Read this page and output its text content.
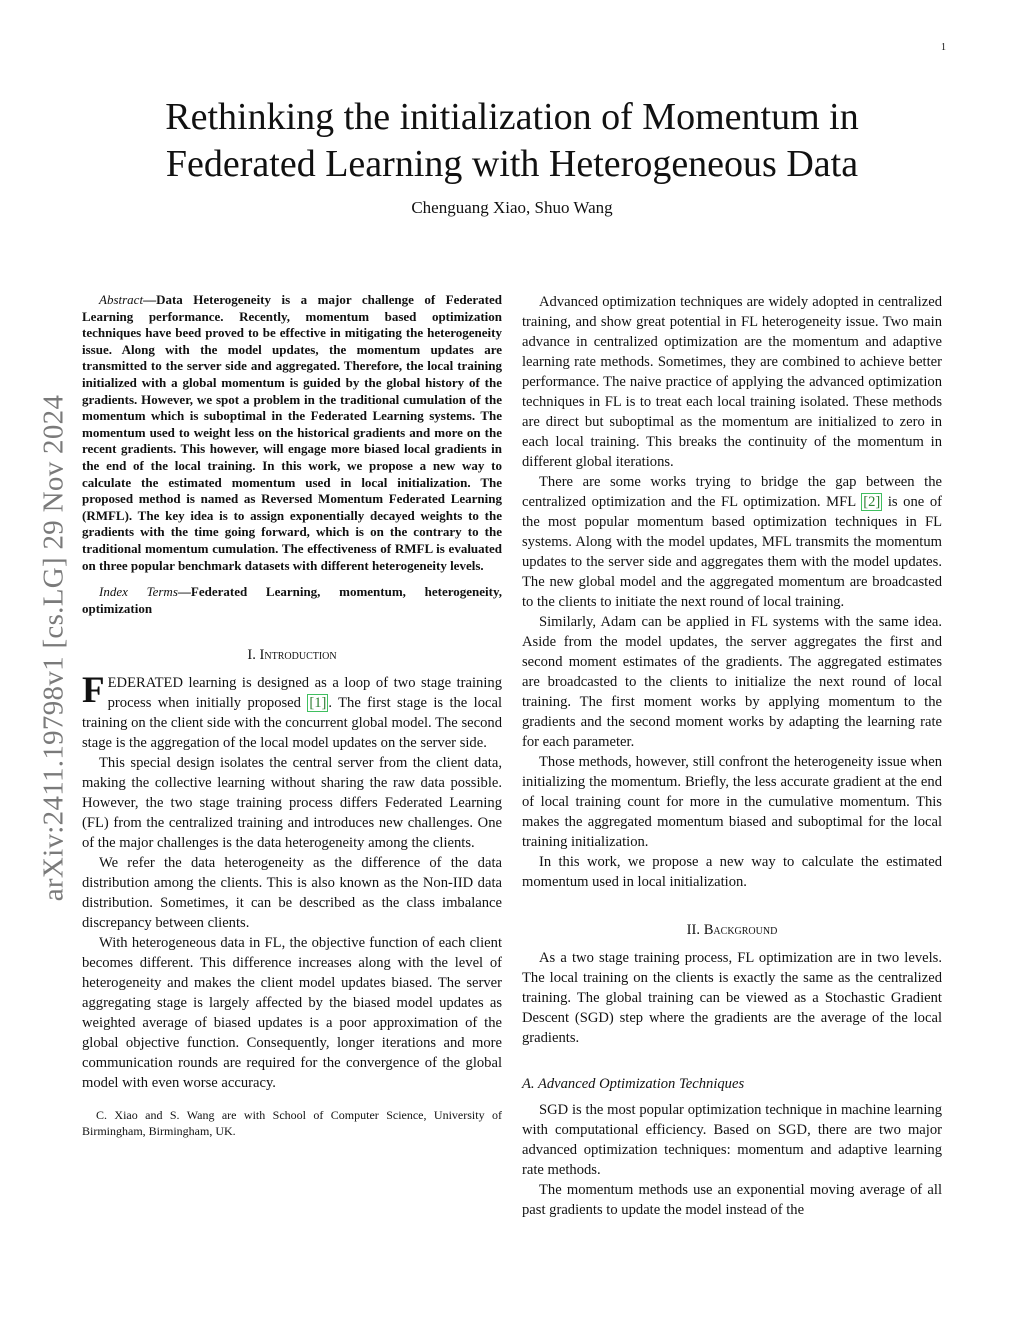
1
arXiv:2411.19798v1 [cs.LG] 29 Nov 2024
Rethinking the initialization of Momentum in Federated Learning with Heterogeneous Data
Chenguang Xiao, Shuo Wang

Abstract—Data Heterogeneity is a major challenge of Federated Learning performance. Recently, momentum based optimization techniques have beed proved to be effective in mitigating the heterogeneity issue. Along with the model updates, the momentum updates are transmitted to the server side and aggregated. Therefore, the local training initialized with a global momentum is guided by the global history of the gradients. However, we spot a problem in the traditional cumulation of the momentum which is suboptimal in the Federated Learning systems. The momentum used to weight less on the historical gradients and more on the recent gradients. This however, will engage more biased local gradients in the end of the local training. In this work, we propose a new way to calculate the estimated momentum used in local initialization. The proposed method is named as Reversed Momentum Federated Learning (RMFL). The key idea is to assign exponentially decayed weights to the gradients with the time going forward, which is on the contrary to the traditional momentum cumulation. The effectiveness of RMFL is evaluated on three popular benchmark datasets with different heterogeneity levels.

Index Terms—Federated Learning, momentum, heterogeneity, optimization

I. Introduction

FEDERATED learning is designed as a loop of two stage training process when initially proposed [1] . The first stage is the local training on the client side with the concurrent global model. The second stage is the aggregation of the local model updates on the server side.

This special design isolates the central server from the client data, making the collective learning without sharing the raw data possible. However, the two stage training process differs Federated Learning (FL) from the centralized training and introduces new challenges. One of the major challenges is the data heterogeneity among the clients.

We refer the data heterogeneity as the difference of the data distribution among the clients. This is also known as the Non-IID data distribution. Sometimes, it can be described as the class imbalance discrepancy between clients.

With heterogeneous data in FL, the objective function of each client becomes different. This difference increases along with the level of heterogeneity and makes the client model updates biased. The server aggregating stage is largely affected by the biased model updates as weighted average of biased updates is a poor approximation of the global objective function. Consequently, longer iterations and more communication rounds are required for the convergence of the global model with even worse accuracy.

C. Xiao and S. Wang are with School of Computer Science, University of Birmingham, Birmingham, UK.

Advanced optimization techniques are widely adopted in centralized training, and show great potential in FL heterogeneity issue. Two main advance in centralized optimization are the momentum and adaptive learning rate methods. Sometimes, they are combined to achieve better performance. The naive practice of applying the advanced optimization techniques in FL is to treat each local training isolated. These methods are direct but suboptimal as the momentum are initialized to zero in each local training. This breaks the continuity of the momentum in different global iterations.

There are some works trying to bridge the gap between the centralized optimization and the FL optimization. MFL [2] is one of the most popular momentum based optimization techniques in FL systems. Along with the model updates, MFL transmits the momentum updates to the server side and aggregates them with the model updates. The new global model and the aggregated momentum are broadcasted to the clients to initiate the next round of local training.

Similarly, Adam can be applied in FL systems with the same idea. Aside from the model updates, the server aggregates the first and second moment estimates of the gradients. The aggregated estimates are broadcasted to the clients to initialize the next round of local training. The first moment works by applying momentum to the gradients and the second moment works by adapting the learning rate for each parameter.

Those methods, however, still confront the heterogeneity issue when initializing the momentum. Briefly, the less accurate gradient at the end of local training count for more in the cumulative momentum. This makes the aggregated momentum biased and suboptimal for the local training initialization.

In this work, we propose a new way to calculate the estimated momentum used in local initialization.

II. Background

As a two stage training process, FL optimization are in two levels. The local training on the clients is exactly the same as the centralized training. The global training can be viewed as a Stochastic Gradient Descent (SGD) step where the gradients are the average of the local gradients.

A. Advanced Optimization Techniques

SGD is the most popular optimization technique in machine learning with computational efficiency. Based on SGD, there are two major advanced optimization techniques: momentum and adaptive learning rate methods.

The momentum methods use an exponential moving average of all past gradients to update the model instead of the
